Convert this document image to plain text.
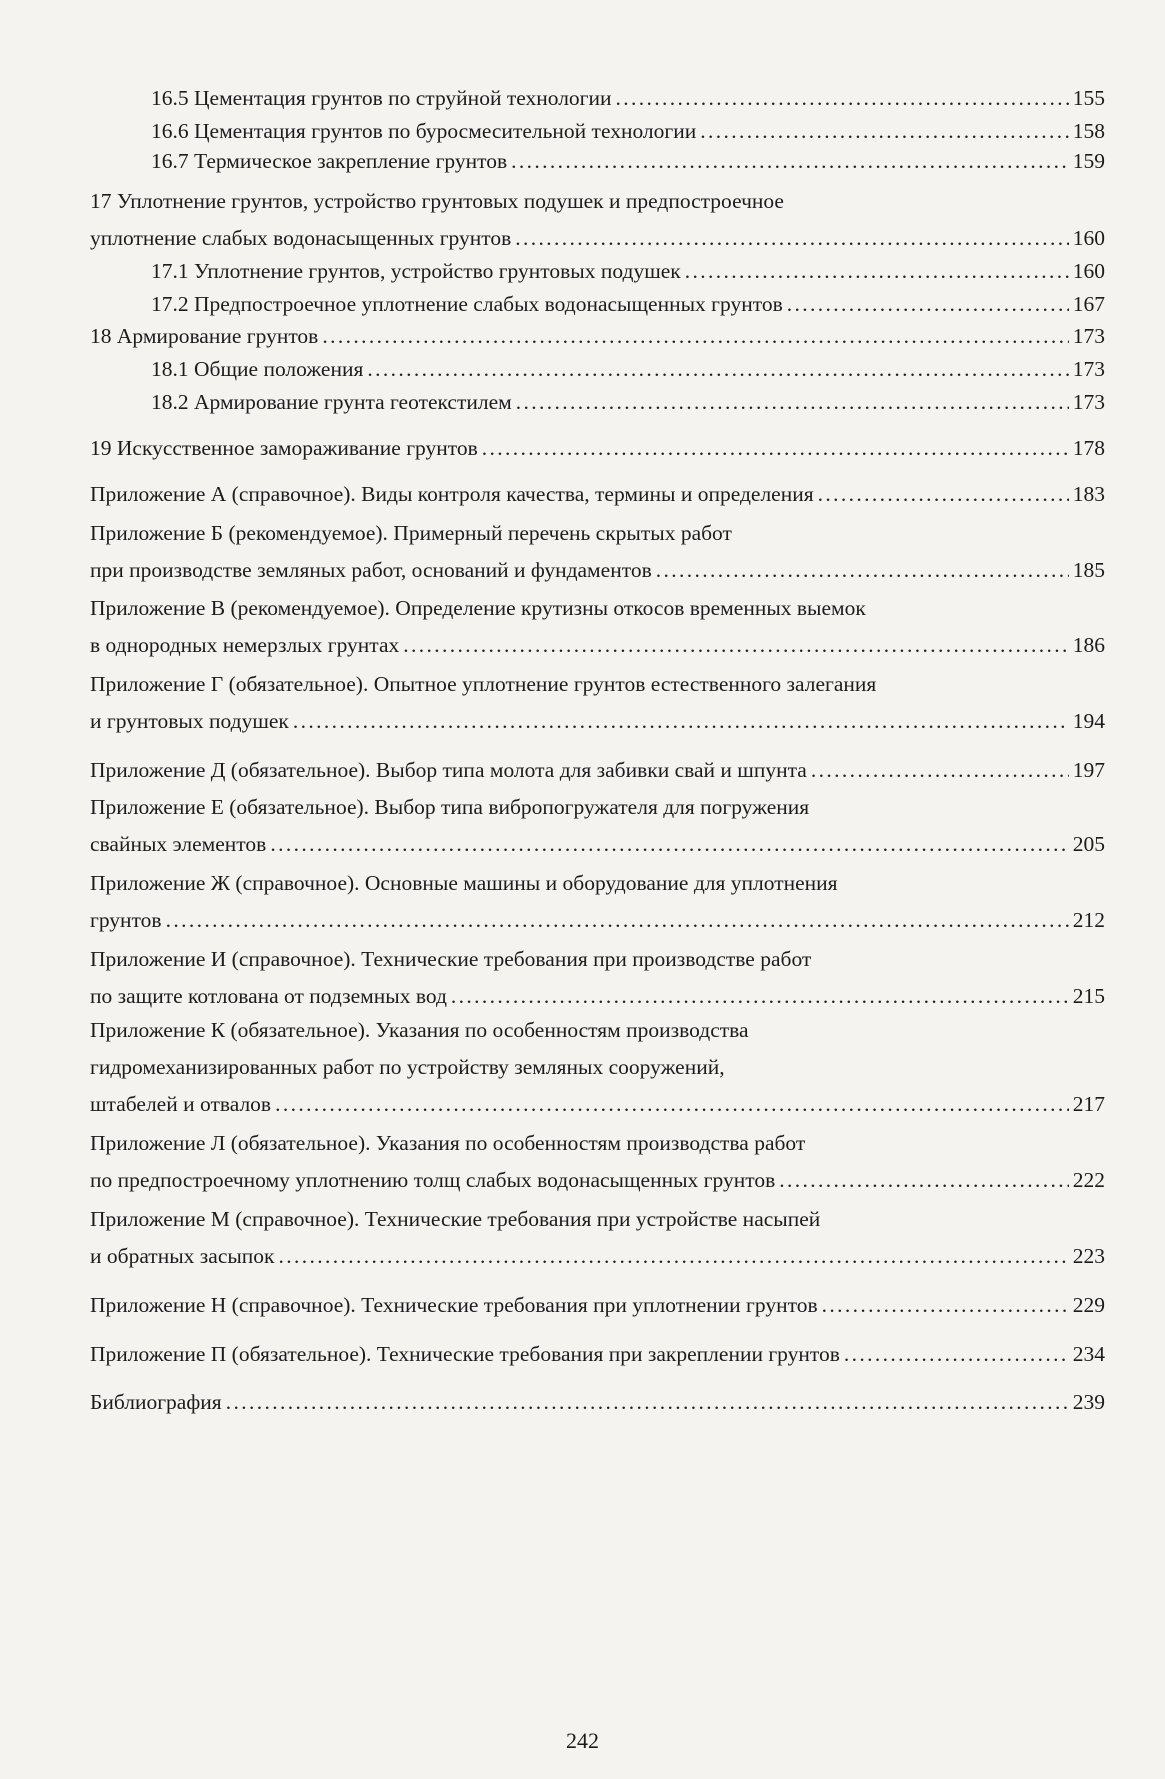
16.5 Цементация грунтов по струйной технологии . . .	155
16.6 Цементация грунтов по буросмесительной технологии . . .	158
16.7 Термическое закрепление грунтов . . .	159
17 Уплотнение грунтов, устройство грунтовых подушек и предпостроечное
уплотнение слабых водонасыщенных грунтов . . .	160
17.1 Уплотнение грунтов, устройство грунтовых подушек . . .	160
17.2 Предпостроечное уплотнение слабых водонасыщенных грунтов . . .	167
18 Армирование грунтов . . .	173
18.1 Общие положения . . .	173
18.2 Армирование грунта геотекстилем . . .	173
19 Искусственное замораживание грунтов . . .	178
Приложение А (справочное). Виды контроля качества, термины и определения . . .	183
Приложение Б (рекомендуемое). Примерный перечень скрытых работ
при производстве земляных работ, оснований и фундаментов . . .	185
Приложение В (рекомендуемое). Определение крутизны откосов временных выемок
в однородных немерзлых грунтах . . .	186
Приложение Г (обязательное). Опытное уплотнение грунтов естественного залегания
и грунтовых подушек . . .	194
Приложение Д (обязательное). Выбор типа молота для забивки свай и шпунта . . .	197
Приложение Е (обязательное). Выбор типа вибропогружателя для погружения
свайных элементов . . .	205
Приложение Ж (справочное). Основные машины и оборудование для уплотнения
грунтов . . .	212
Приложение И (справочное). Технические требования при производстве работ
по защите котлована от подземных вод . . .	215
Приложение К (обязательное). Указания по особенностям производства
гидромеханизированных работ по устройству земляных сооружений,
штабелей и отвалов . . .	217
Приложение Л (обязательное). Указания по особенностям производства работ
по предпостроечному уплотнению толщ слабых водонасыщенных грунтов . . .	222
Приложение М (справочное). Технические требования при устройстве насыпей
и обратных засыпок . . .	223
Приложение Н (справочное). Технические требования при уплотнении грунтов . . .	229
Приложение П (обязательное). Технические требования при закреплении грунтов . . .	234
Библиография . . .	239
242
